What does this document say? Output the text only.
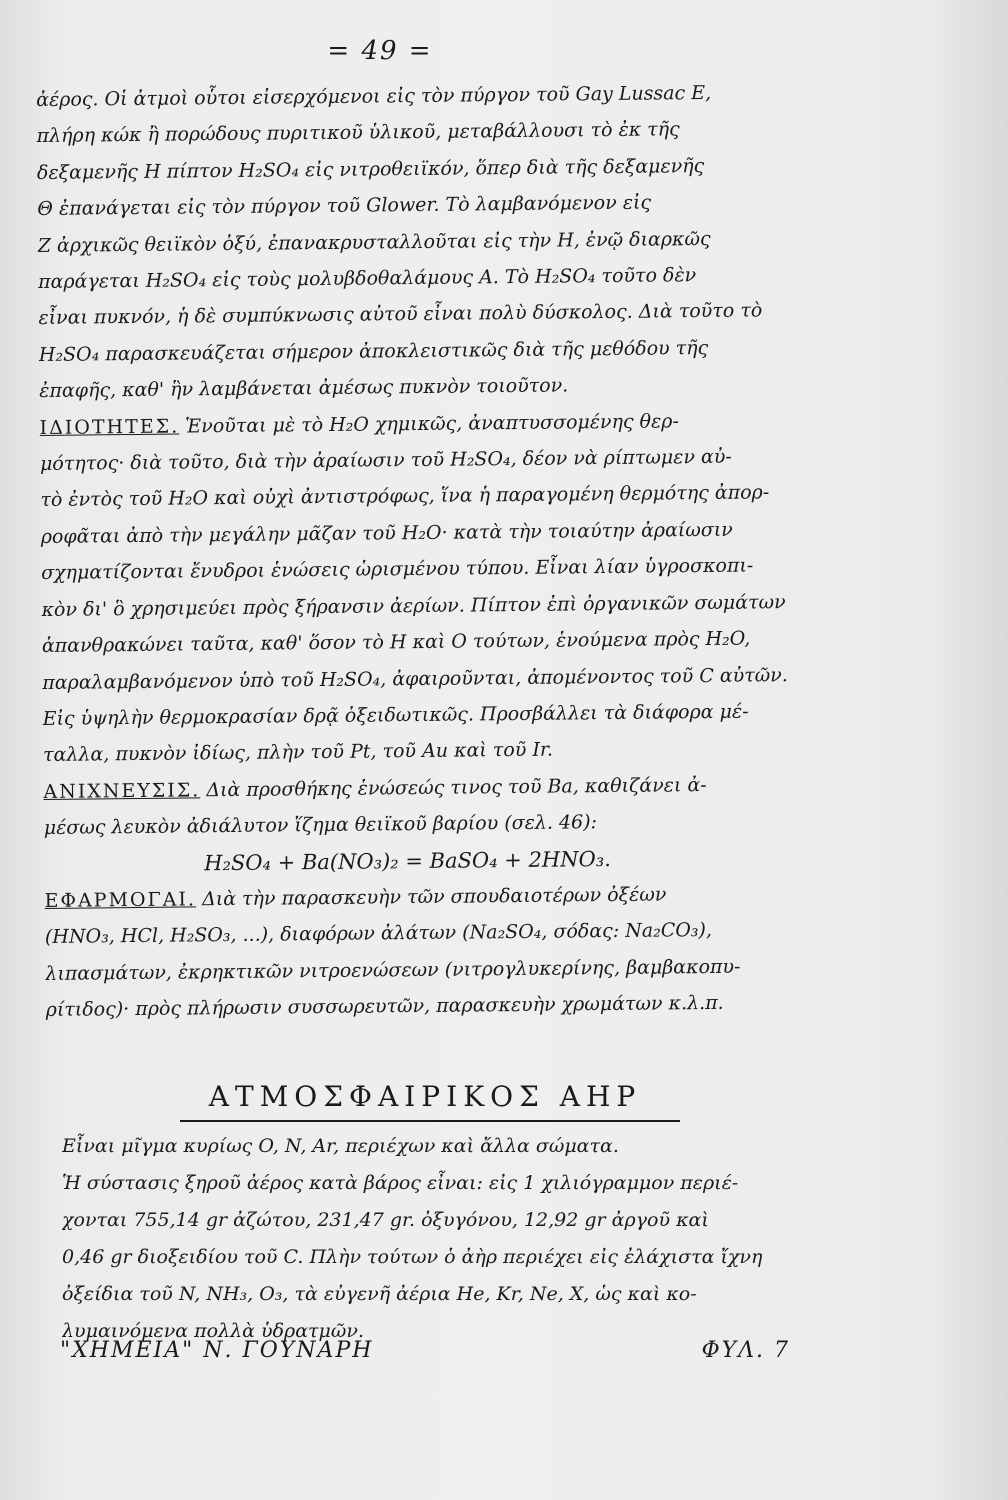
= 49 =
ἀέρος. Οἱ ἀτμοὶ οὗτοι εἰσερχόμενοι εἰς τὸν πύργον τοῦ Gay Lussac E,
πλήρη κώκ ἢ πορώδους πυριτικοῦ ὑλικοῦ, μεταβάλλουσι τὸ ἐκ τῆς
δεξαμενῆς Η πίπτον H₂SO₄ εἰς νιτροθειϊκόν, ὅπερ διὰ τῆς δεξαμενῆς
Θ ἐπανάγεται εἰς τὸν πύργον τοῦ Glower. Τὸ λαμβανόμενον εἰς
Ζ ἀρχικῶς θειϊκὸν ὀξύ, ἐπανακρυσταλλοῦται εἰς τὴν Η, ἐνῷ διαρκῶς
παράγεται H₂SO₄ εἰς τοὺς μολυβδοθαλάμους Α. Τὸ H₂SO₄ τοῦτο δὲν
εἶναι πυκνόν, ἡ δὲ συμπύκνωσις αὐτοῦ εἶναι πολὺ δύσκολος. Διὰ τοῦτο τὸ
H₂SO₄ παρασκευάζεται σήμερον ἀποκλειστικῶς διὰ τῆς μεθόδου τῆς
ἐπαφῆς, καθ' ἣν λαμβάνεται ἀμέσως πυκνὸν τοιοῦτον.
ΙΔΙΟΤΗΤΕΣ. Ἑνοῦται μὲ τὸ H₂O χημικῶς, ἀναπτυσσομένης θερ-
μότητος· διὰ τοῦτο, διὰ τὴν ἀραίωσιν τοῦ H₂SO₄, δέον νὰ ρίπτωμεν αὐ-
τὸ ἐντὸς τοῦ H₂O καὶ οὐχὶ ἀντιστρόφως, ἵνα ἡ παραγομένη θερμότης ἀπορ-
ροφᾶται ἀπὸ τὴν μεγάλην μᾶζαν τοῦ H₂O· κατὰ τὴν τοιαύτην ἀραίωσιν
σχηματίζονται ἔνυδροι ἑνώσεις ὡρισμένου τύπου. Εἶναι λίαν ὑγροσκοπι-
κὸν δι' ὃ χρησιμεύει πρὸς ξήρανσιν ἀερίων. Πίπτον ἐπὶ ὀργανικῶν σωμάτων
ἀπανθρακώνει ταῦτα, καθ' ὅσον τὸ Η καὶ Ο τούτων, ἑνούμενα πρὸς H₂O,
παραλαμβανόμενον ὑπὸ τοῦ H₂SO₄, ἀφαιροῦνται, ἀπομένοντος τοῦ C αὐτῶν.
Εἰς ὑψηλὴν θερμοκρασίαν δρᾷ ὀξειδωτικῶς. Προσβάλλει τὰ διάφορα μέ-
ταλλα, πυκνὸν ἰδίως, πλὴν τοῦ Pt, τοῦ Au καὶ τοῦ Ir.
ΑΝΙΧΝΕΥΣΙΣ. Διὰ προσθήκης ἑνώσεώς τινος τοῦ Ba, καθιζάνει ἀ-
μέσως λευκὸν ἀδιάλυτον ἵζημα θειϊκοῦ βαρίου (σελ. 46):
H₂SO₄ + Ba(NO₃)₂ = BaSO₄ + 2HNO₃.
ΕΦΑΡΜΟΓΑΙ. Διὰ τὴν παρασκευὴν τῶν σπουδαιοτέρων ὀξέων
(HNO₃, HCl, H₂SO₃, ...), διαφόρων ἀλάτων (Na₂SO₄, σόδας: Na₂CO₃),
λιπασμάτων, ἐκρηκτικῶν νιτροενώσεων (νιτρογλυκερίνης, βαμβακοπυ-
ρίτιδος)· πρὸς πλήρωσιν συσσωρευτῶν, παρασκευὴν χρωμάτων κ.λ.π.
ΑΤΜΟΣΦΑΙΡΙΚΟΣ ΑΗΡ
Εἶναι μῖγμα κυρίως O, N, Ar, περιέχων καὶ ἄλλα σώματα.
Ἡ σύστασις ξηροῦ ἀέρος κατὰ βάρος εἶναι: εἰς 1 χιλιόγραμμον περιέ-
χονται 755,14 gr ἀζώτου, 231,47 gr. ὀξυγόνου, 12,92 gr ἀργοῦ καὶ
0,46 gr διοξειδίου τοῦ C. Πλὴν τούτων ὁ ἀὴρ περιέχει εἰς ἐλάχιστα ἴχνη
ὀξείδια τοῦ N, NH₃, O₃, τὰ εὐγενῆ ἀέρια He, Kr, Ne, X, ὡς καὶ κο-
λυμαινόμενα πολλὰ ὑδρατμῶν.
"ΧΗΜΕΙΑ" Ν. ΓΟΥΝΑΡΗ	ΦΥΛ. 7
